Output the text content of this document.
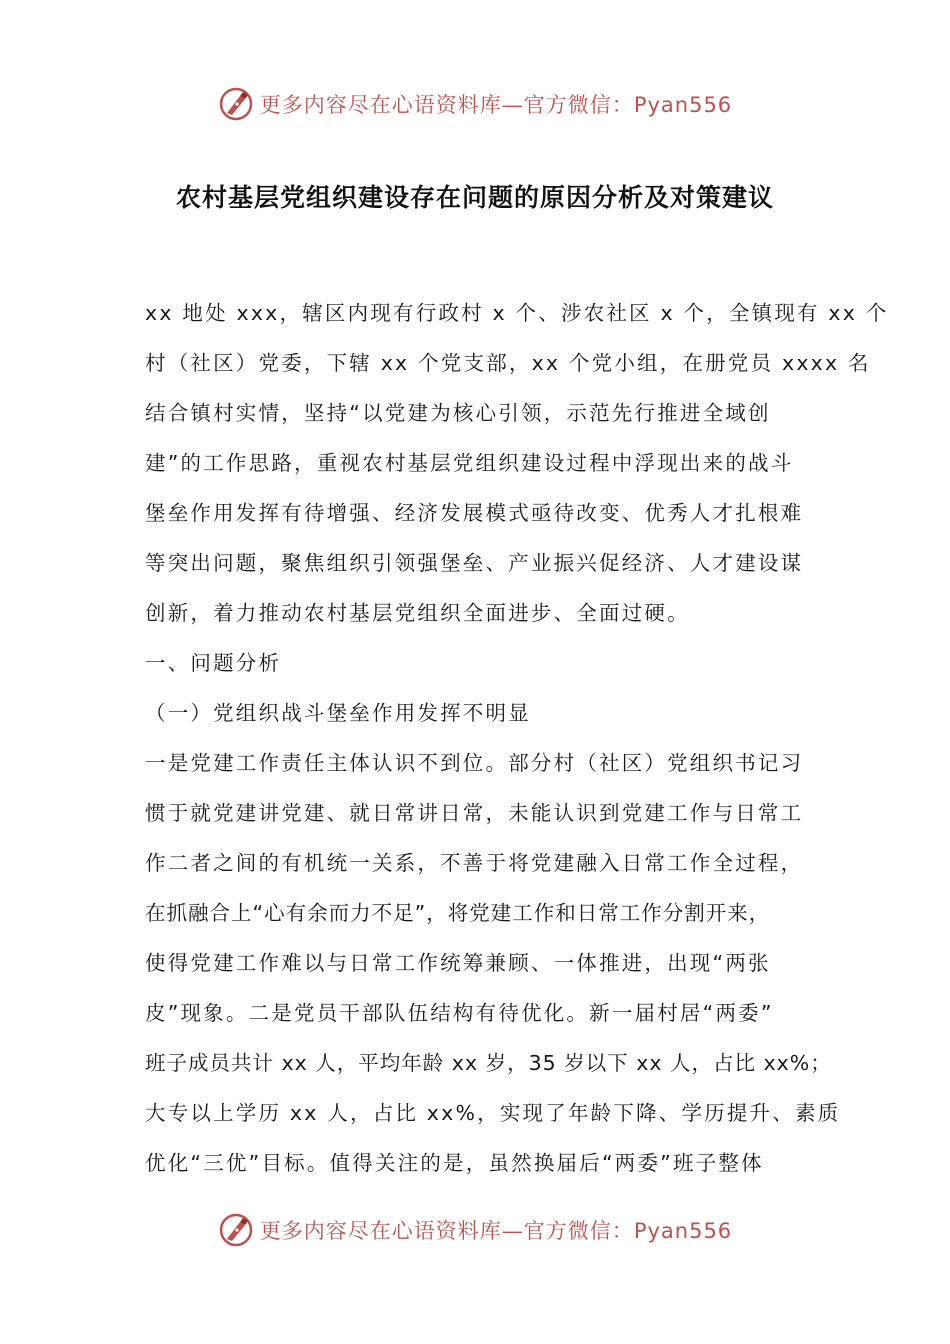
更多内容尽在心语资料库—官方微信：Pyan556
农村基层党组织建设存在问题的原因分析及对策建议
xx 地处 xxx，辖区内现有行政村 x 个、涉农社区 x 个，全镇现有 xx 个
村（社区）党委，下辖 xx 个党支部，xx 个党小组，在册党员 xxxx 名
结合镇村实情，坚持“以党建为核心引领，示范先行推进全域创
建”的工作思路，重视农村基层党组织建设过程中浮现出来的战斗
堡垒作用发挥有待增强、经济发展模式亟待改变、优秀人才扎根难
等突出问题，聚焦组织引领强堡垒、产业振兴促经济、人才建设谋
创新，着力推动农村基层党组织全面进步、全面过硬。
一、问题分析
（一）党组织战斗堡垒作用发挥不明显
一是党建工作责任主体认识不到位。部分村（社区）党组织书记习
惯于就党建讲党建、就日常讲日常，未能认识到党建工作与日常工
作二者之间的有机统一关系，不善于将党建融入日常工作全过程，
在抓融合上“心有余而力不足”，将党建工作和日常工作分割开来，
使得党建工作难以与日常工作统筹兼顾、一体推进，出现“两张
皮”现象。二是党员干部队伍结构有待优化。新一届村居“两委”
班子成员共计 xx 人，平均年龄 xx 岁，35 岁以下 xx 人，占比 xx%；
大专以上学历 xx 人，占比 xx%，实现了年龄下降、学历提升、素质
优化“三优”目标。值得关注的是，虽然换届后“两委”班子整体
更多内容尽在心语资料库—官方微信：Pyan556
